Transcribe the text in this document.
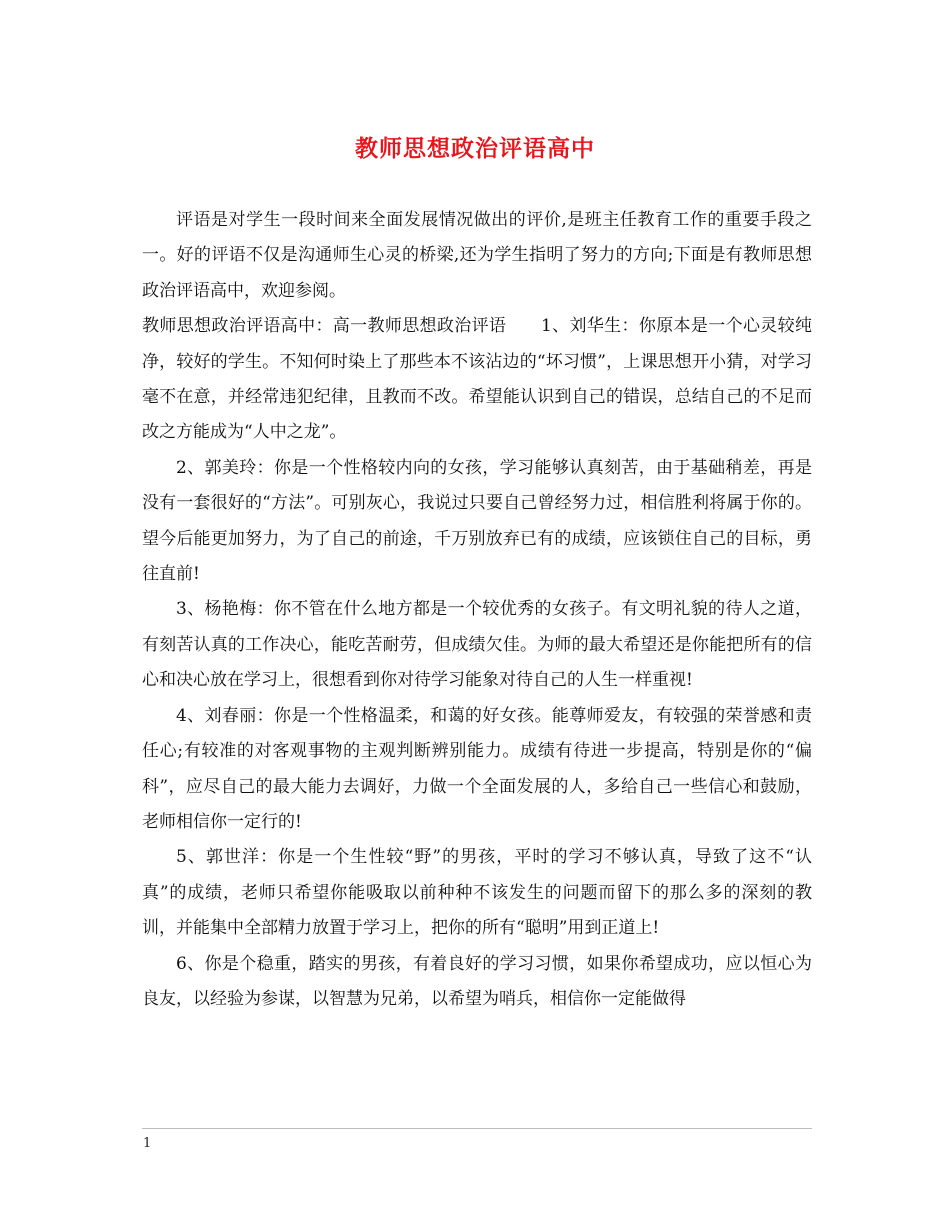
教师思想政治评语高中

评语是对学生一段时间来全面发展情况做出的评价,是班主任教育工作的重要手段之一。好的评语不仅是沟通师生心灵的桥梁,还为学生指明了努力的方向;下面是有教师思想政治评语高中，欢迎参阅。

教师思想政治评语高中：高一教师思想政治评语　　1、刘华生：你原本是一个心灵较纯净，较好的学生。不知何时染上了那些本不该沾边的“坏习惯”，上课思想开小猜，对学习毫不在意，并经常违犯纪律，且教而不改。希望能认识到自己的错误，总结自己的不足而改之方能成为“人中之龙”。

2、郭美玲：你是一个性格较内向的女孩，学习能够认真刻苦，由于基础稍差，再是没有一套很好的“方法”。可别灰心，我说过只要自己曾经努力过，相信胜利将属于你的。望今后能更加努力，为了自己的前途，千万别放弃已有的成绩，应该锁住自己的目标，勇往直前!

3、杨艳梅：你不管在什么地方都是一个较优秀的女孩子。有文明礼貌的待人之道，有刻苦认真的工作决心，能吃苦耐劳，但成绩欠佳。为师的最大希望还是你能把所有的信心和决心放在学习上，很想看到你对待学习能象对待自己的人生一样重视!

4、刘春丽：你是一个性格温柔，和蔼的好女孩。能尊师爱友，有较强的荣誉感和责任心;有较准的对客观事物的主观判断辨别能力。成绩有待进一步提高，特别是你的“偏科”，应尽自己的最大能力去调好，力做一个全面发展的人，多给自己一些信心和鼓励，老师相信你一定行的!

5、郭世洋：你是一个生性较“野”的男孩，平时的学习不够认真，导致了这不“认真”的成绩，老师只希望你能吸取以前种种不该发生的问题而留下的那么多的深刻的教训，并能集中全部精力放置于学习上，把你的所有“聪明”用到正道上!

6、你是个稳重，踏实的男孩，有着良好的学习习惯，如果你希望成功，应以恒心为良友，以经验为参谋，以智慧为兄弟，以希望为哨兵，相信你一定能做得

1
